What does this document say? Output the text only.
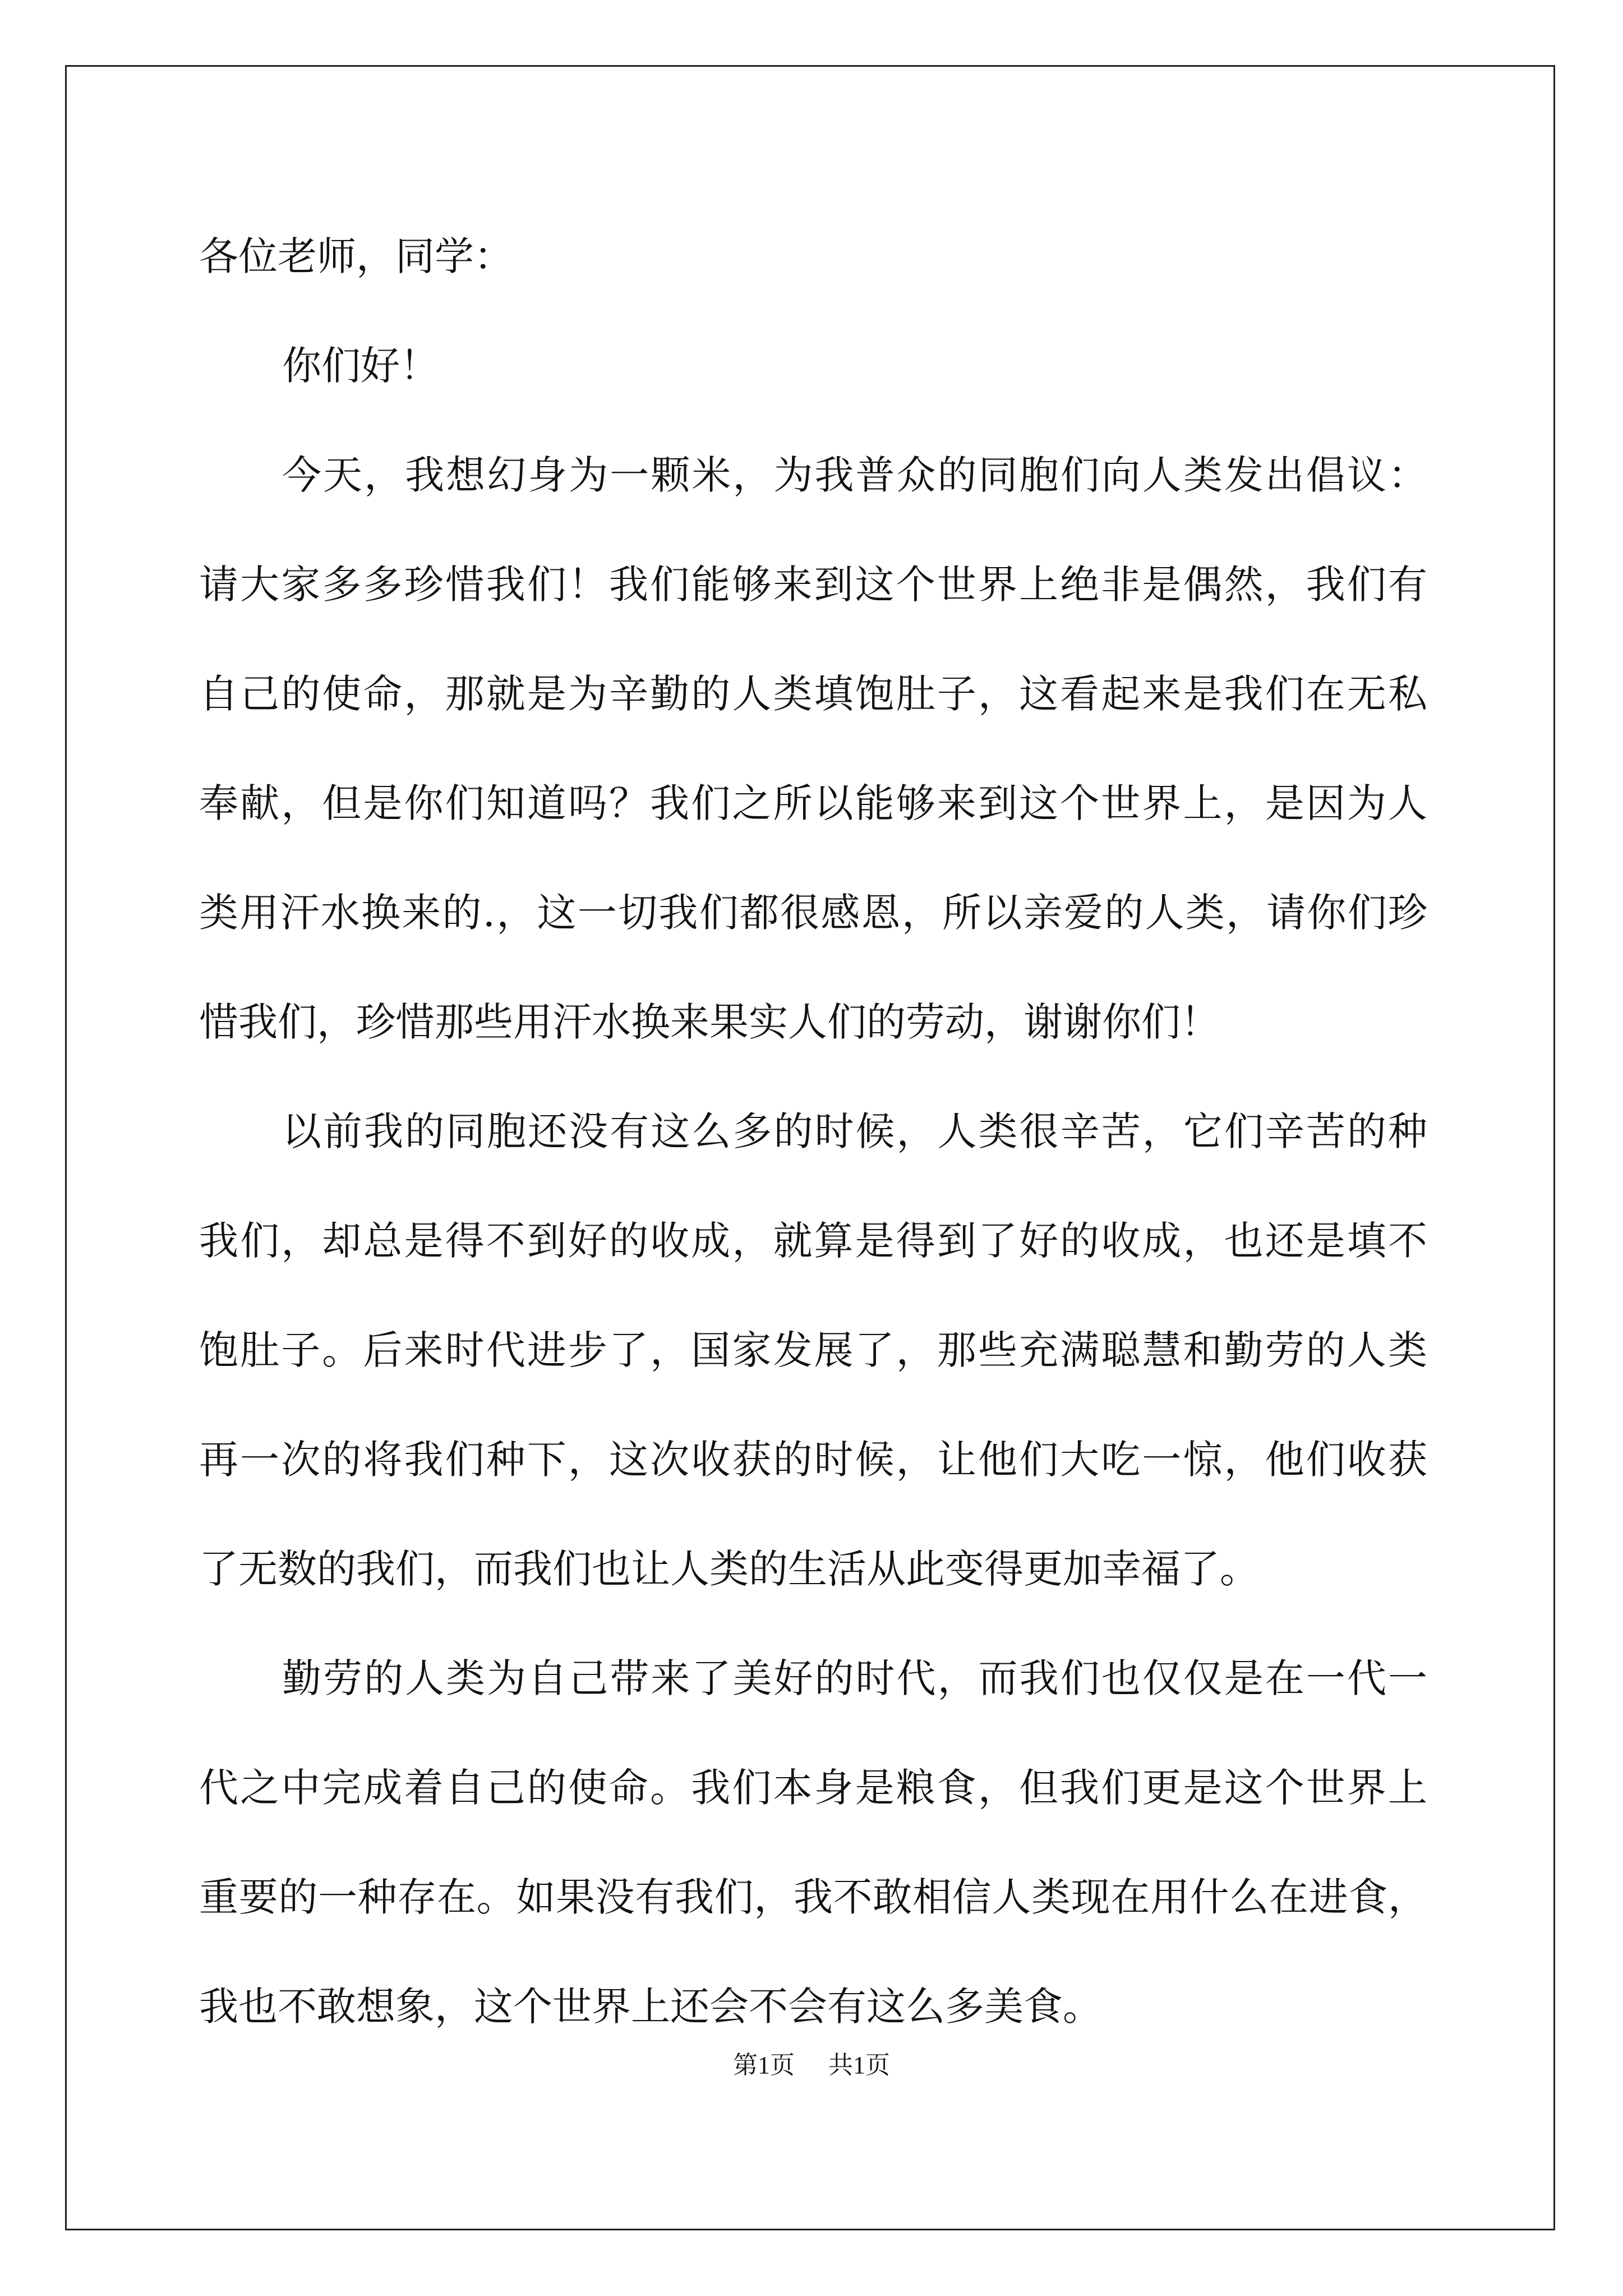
各位老师，同学：
你们好！
今天，我想幻身为一颗米，为我普众的同胞们向人类发出倡议：
请大家多多珍惜我们！我们能够来到这个世界上绝非是偶然，我们有
自己的使命，那就是为辛勤的人类填饱肚子，这看起来是我们在无私
奉献，但是你们知道吗？我们之所以能够来到这个世界上，是因为人
类用汗水换来的.，这一切我们都很感恩，所以亲爱的人类，请你们珍
惜我们，珍惜那些用汗水换来果实人们的劳动，谢谢你们！
以前我的同胞还没有这么多的时候，人类很辛苦，它们辛苦的种
我们，却总是得不到好的收成，就算是得到了好的收成，也还是填不
饱肚子。后来时代进步了，国家发展了，那些充满聪慧和勤劳的人类
再一次的将我们种下，这次收获的时候，让他们大吃一惊，他们收获
了无数的我们，而我们也让人类的生活从此变得更加幸福了。
勤劳的人类为自己带来了美好的时代，而我们也仅仅是在一代一
代之中完成着自己的使命。我们本身是粮食，但我们更是这个世界上
重要的一种存在。如果没有我们，我不敢相信人类现在用什么在进食，
我也不敢想象，这个世界上还会不会有这么多美食。
第1页 共1页
